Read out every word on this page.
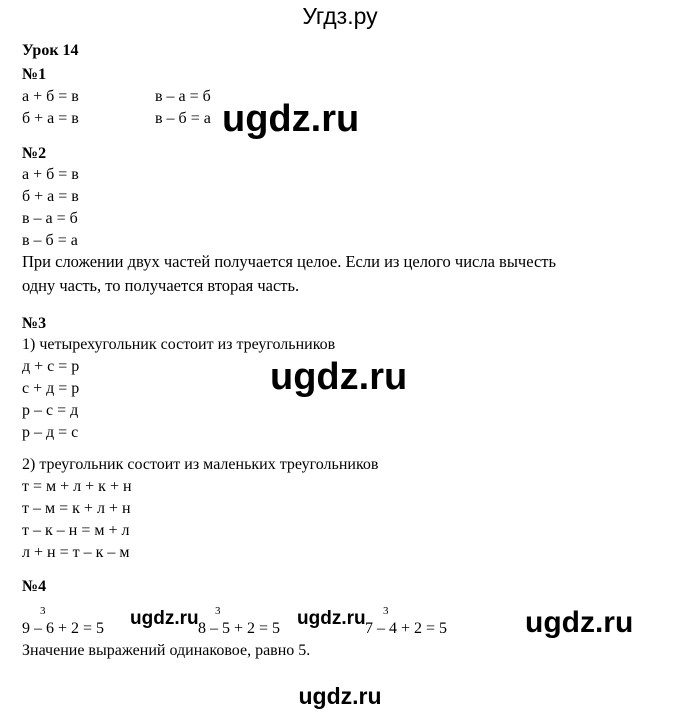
Угдз.ру
Урок 14
№1
а + б = в	в – а = б
б + а = в	в – б = а ugdz.ru
№2
а + б = в
б + а = в
в – а = б
в – б = а
При сложении двух частей получается целое. Если из целого числа вычесть
одну часть, то получается вторая часть.
№3
1) четырехугольник состоит из треугольников
д + с = р
с + д = р
р – с = д
р – д = с
ugdz.ru
2) треугольник состоит из маленьких треугольников
т = м + л + к + н
т – м = к + л + н
т – к – н = м + л
л + н = т – к – м
№4
3
9 – 6 + 2 = 5 ugdz.ru 3
8 – 5 + 2 = 5 ugdz.ru 3
7 – 4 + 2 = 5	ugdz.ru
Значение выражений одинаковое, равно 5.
ugdz.ru
